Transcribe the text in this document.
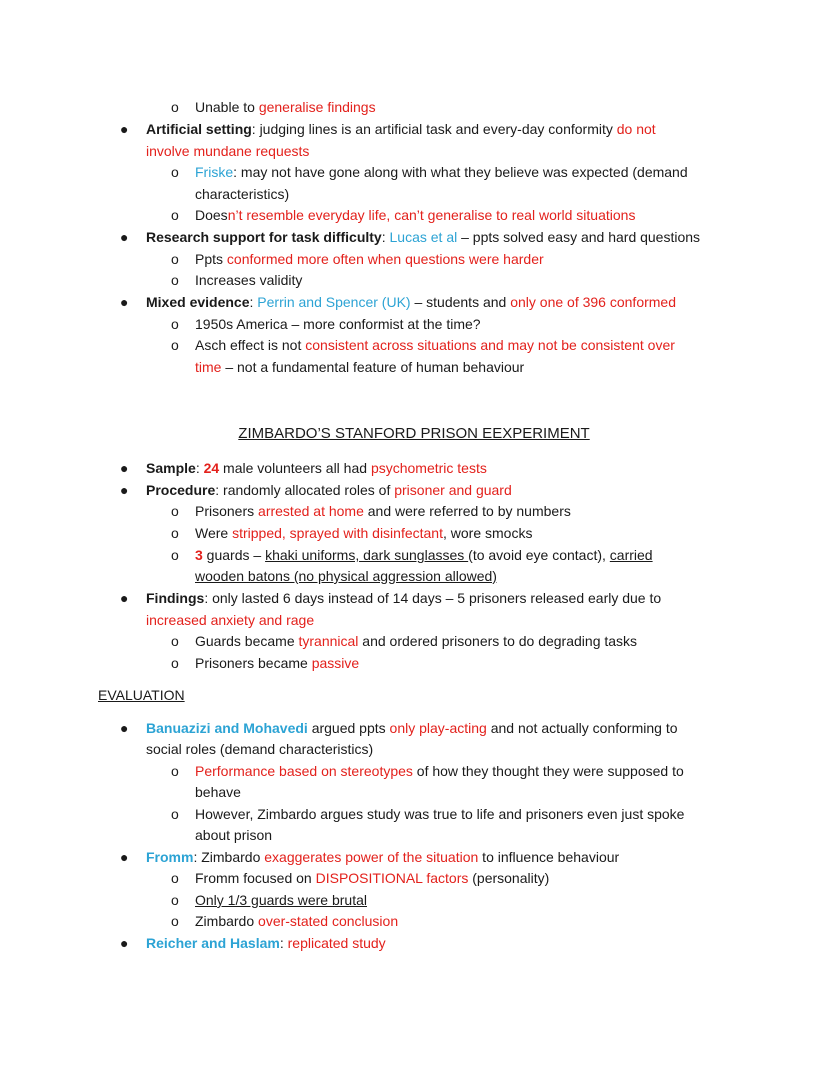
o Unable to generalise findings
● Artificial setting: judging lines is an artificial task and every-day conformity do not
involve mundane requests
o Friske: may not have gone along with what they believe was expected (demand
characteristics)
o Doesn’t resemble everyday life, can’t generalise to real world situations
● Research support for task difficulty: Lucas et al – ppts solved easy and hard questions
o Ppts conformed more often when questions were harder
o Increases validity
● Mixed evidence: Perrin and Spencer (UK) – students and only one of 396 conformed
o 1950s America – more conformist at the time?
o Asch effect is not consistent across situations and may not be consistent over
time – not a fundamental feature of human behaviour
ZIMBARDO’S STANFORD PRISON EEXPERIMENT
● Sample: 24 male volunteers all had psychometric tests
● Procedure: randomly allocated roles of prisoner and guard
o Prisoners arrested at home and were referred to by numbers
o Were stripped, sprayed with disinfectant, wore smocks
o 3 guards – khaki uniforms, dark sunglasses (to avoid eye contact), carried
wooden batons (no physical aggression allowed)
● Findings: only lasted 6 days instead of 14 days – 5 prisoners released early due to
increased anxiety and rage
o Guards became tyrannical and ordered prisoners to do degrading tasks
o Prisoners became passive
EVALUATION
● Banuazizi and Mohavedi argued ppts only play-acting and not actually conforming to
social roles (demand characteristics)
o Performance based on stereotypes of how they thought they were supposed to
behave
o However, Zimbardo argues study was true to life and prisoners even just spoke
about prison
● Fromm: Zimbardo exaggerates power of the situation to influence behaviour
o Fromm focused on DISPOSITIONAL factors (personality)
o Only 1/3 guards were brutal
o Zimbardo over-stated conclusion
● Reicher and Haslam: replicated study
